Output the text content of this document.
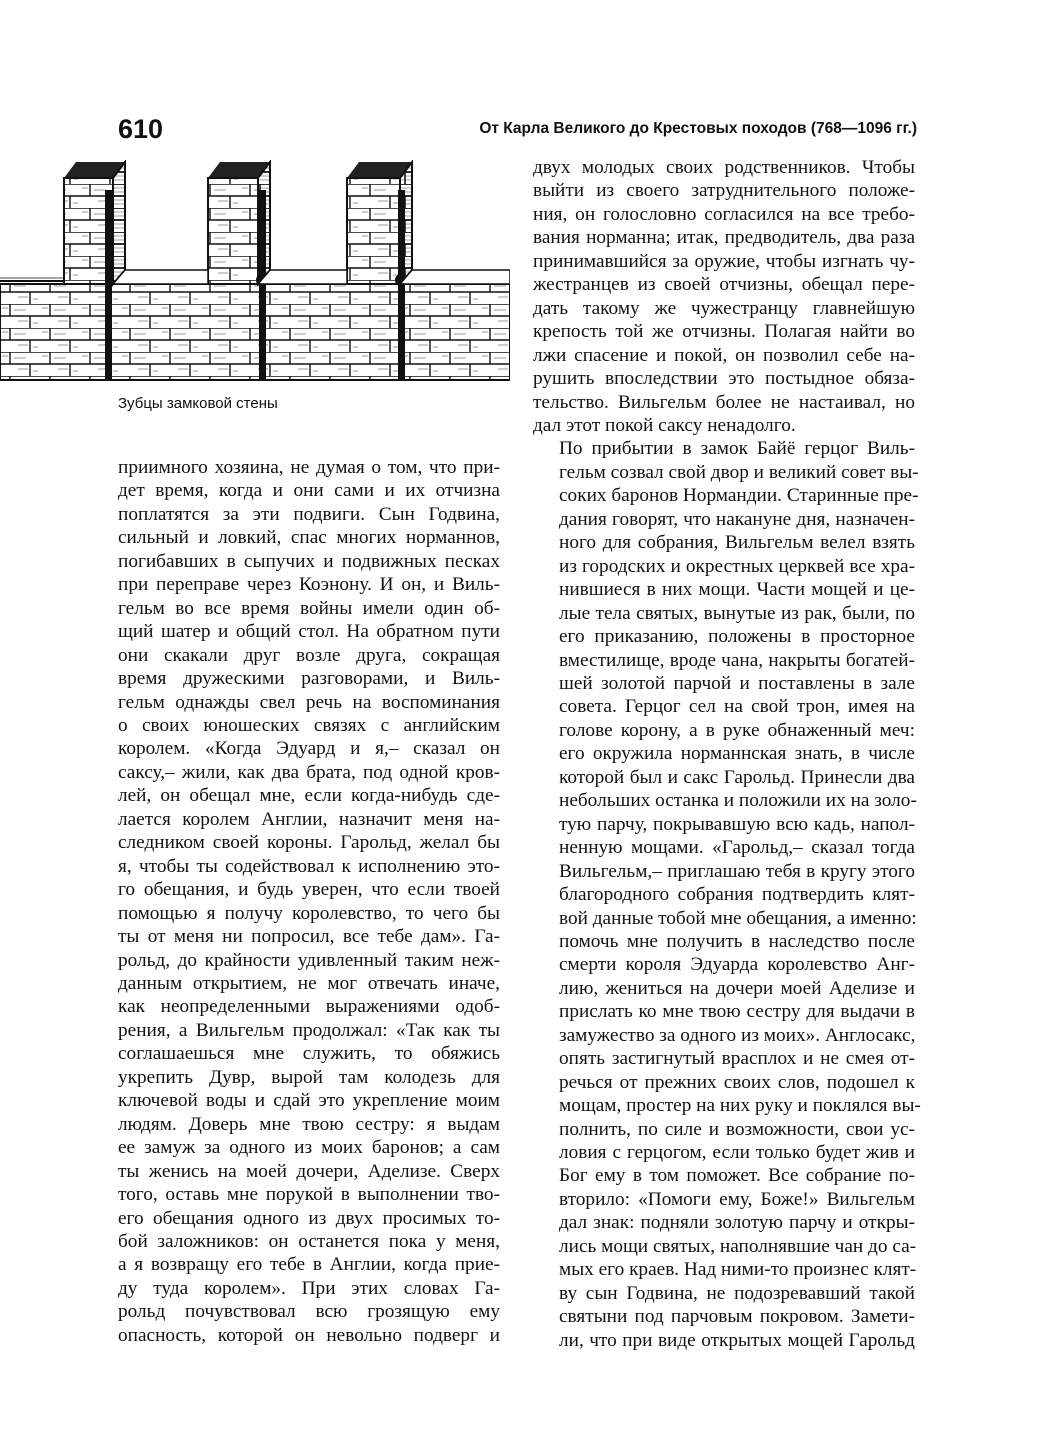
610	От Карла Великого до Крестовых походов (768—1096 гг.)
Зубцы замковой стены

двух молодых своих родственников. Чтобы
выйти из своего затруднительного положе-
ния, он голословно согласился на все требо-
вания норманна; итак, предводитель, два раза
принимавшийся за оружие, чтобы изгнать чу-
жестранцев из своей отчизны, обещал пере-
дать такому же чужестранцу главнейшую
крепость той же отчизны. Полагая найти во
лжи спасение и покой, он позволил себе на-
рушить впоследствии это постыдное обяза-
тельство. Вильгельм более не настаивал, но
дал этот покой саксу ненадолго.

По прибытии в замок Байё герцог Виль-
гельм созвал свой двор и великий совет вы-
соких баронов Нормандии. Старинные пре-
дания говорят, что накануне дня, назначен-
ного для собрания, Вильгельм велел взять
из городских и окрестных церквей все хра-
нившиеся в них мощи. Части мощей и це-
лые тела святых, вынутые из рак, были, по
его приказанию, положены в просторное
вместилище, вроде чана, накрыты богатей-
шей золотой парчой и поставлены в зале
совета. Герцог сел на свой трон, имея на
голове корону, а в руке обнаженный меч:
его окружила норманнская знать, в числе
которой был и сакс Гарольд. Принесли два
небольших останка и положили их на золо-
тую парчу, покрывавшую всю кадь, напол-
ненную мощами. «Гарольд,– сказал тогда
Вильгельм,– приглашаю тебя в кругу этого
благородного собрания подтвердить клят-
вой данные тобой мне обещания, а именно:
помочь мне получить в наследство после
смерти короля Эдуарда королевство Анг-
лию, жениться на дочери моей Аделизе и
прислать ко мне твою сестру для выдачи в
замужество за одного из моих». Англосакс,
опять застигнутый врасплох и не смея от-
речься от прежних своих слов, подошел к
мощам, простер на них руку и поклялся вы-
полнить, по силе и возможности, свои ус-
ловия с герцогом, если только будет жив и
Бог ему в том поможет. Все собрание по-
вторило: «Помоги ему, Боже!» Вильгельм
дал знак: подняли золотую парчу и откры-
лись мощи святых, наполнявшие чан до са-
мых его краев. Над ними-то произнес клят-
ву сын Годвина, не подозревавший такой
святыни под парчовым покровом. Замети-
ли, что при виде открытых мощей Гарольд

приимного хозяина, не думая о том, что при-
дет время, когда и они сами и их отчизна
поплатятся за эти подвиги. Сын Годвина,
сильный и ловкий, спас многих норманнов,
погибавших в сыпучих и подвижных песках
при переправе через Коэнону. И он, и Виль-
гельм во все время войны имели один об-
щий шатер и общий стол. На обратном пути
они скакали друг возле друга, сокращая
время дружескими разговорами, и Виль-
гельм однажды свел речь на воспоминания
о своих юношеских связях с английским
королем. «Когда Эдуард и я,– сказал он
саксу,– жили, как два брата, под одной кров-
лей, он обещал мне, если когда-нибудь сде-
лается королем Англии, назначит меня на-
следником своей короны. Гарольд, желал бы
я, чтобы ты содействовал к исполнению это-
го обещания, и будь уверен, что если твоей
помощью я получу королевство, то чего бы
ты от меня ни попросил, все тебе дам». Га-
рольд, до крайности удивленный таким неж-
данным открытием, не мог отвечать иначе,
как неопределенными выражениями одоб-
рения, а Вильгельм продолжал: «Так как ты
соглашаешься мне служить, то обяжись
укрепить Дувр, вырой там колодезь для
ключевой воды и сдай это укрепление моим
людям. Доверь мне твою сестру: я выдам
ее замуж за одного из моих баронов; а сам
ты женись на моей дочери, Аделизе. Сверх
того, оставь мне порукой в выполнении тво-
его обещания одного из двух просимых то-
бой заложников: он останется пока у меня,
а я возвращу его тебе в Англии, когда прие-
ду туда королем». При этих словах Га-
рольд почувствовал всю грозящую ему
опасность, которой он невольно подверг и
